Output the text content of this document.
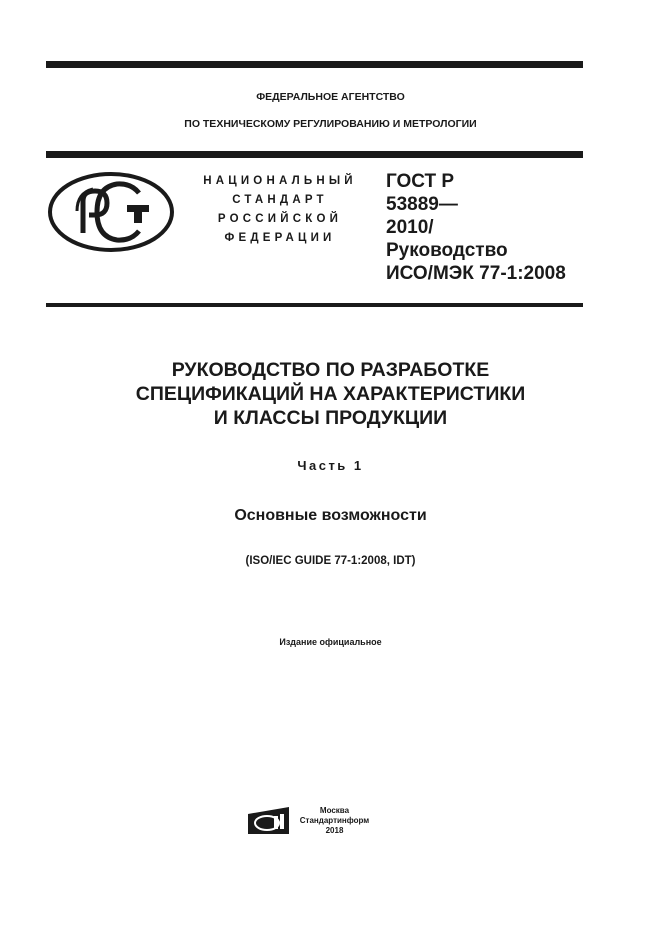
ФЕДЕРАЛЬНОЕ АГЕНТСТВО
ПО ТЕХНИЧЕСКОМУ РЕГУЛИРОВАНИЮ И МЕТРОЛОГИИ
НАЦИОНАЛЬНЫЙ
СТАНДАРТ
РОССИЙСКОЙ
ФЕДЕРАЦИИ
ГОСТ Р
53889—
2010/
Руководство
ИСО/МЭК 77-1:2008
РУКОВОДСТВО ПО РАЗРАБОТКЕ
СПЕЦИФИКАЦИЙ НА ХАРАКТЕРИСТИКИ
И КЛАССЫ ПРОДУКЦИИ
Часть 1
Основные возможности
(ISO/IEC GUIDE 77-1:2008, IDT)
Издание официальное
Москва
Стандартинформ
2018
